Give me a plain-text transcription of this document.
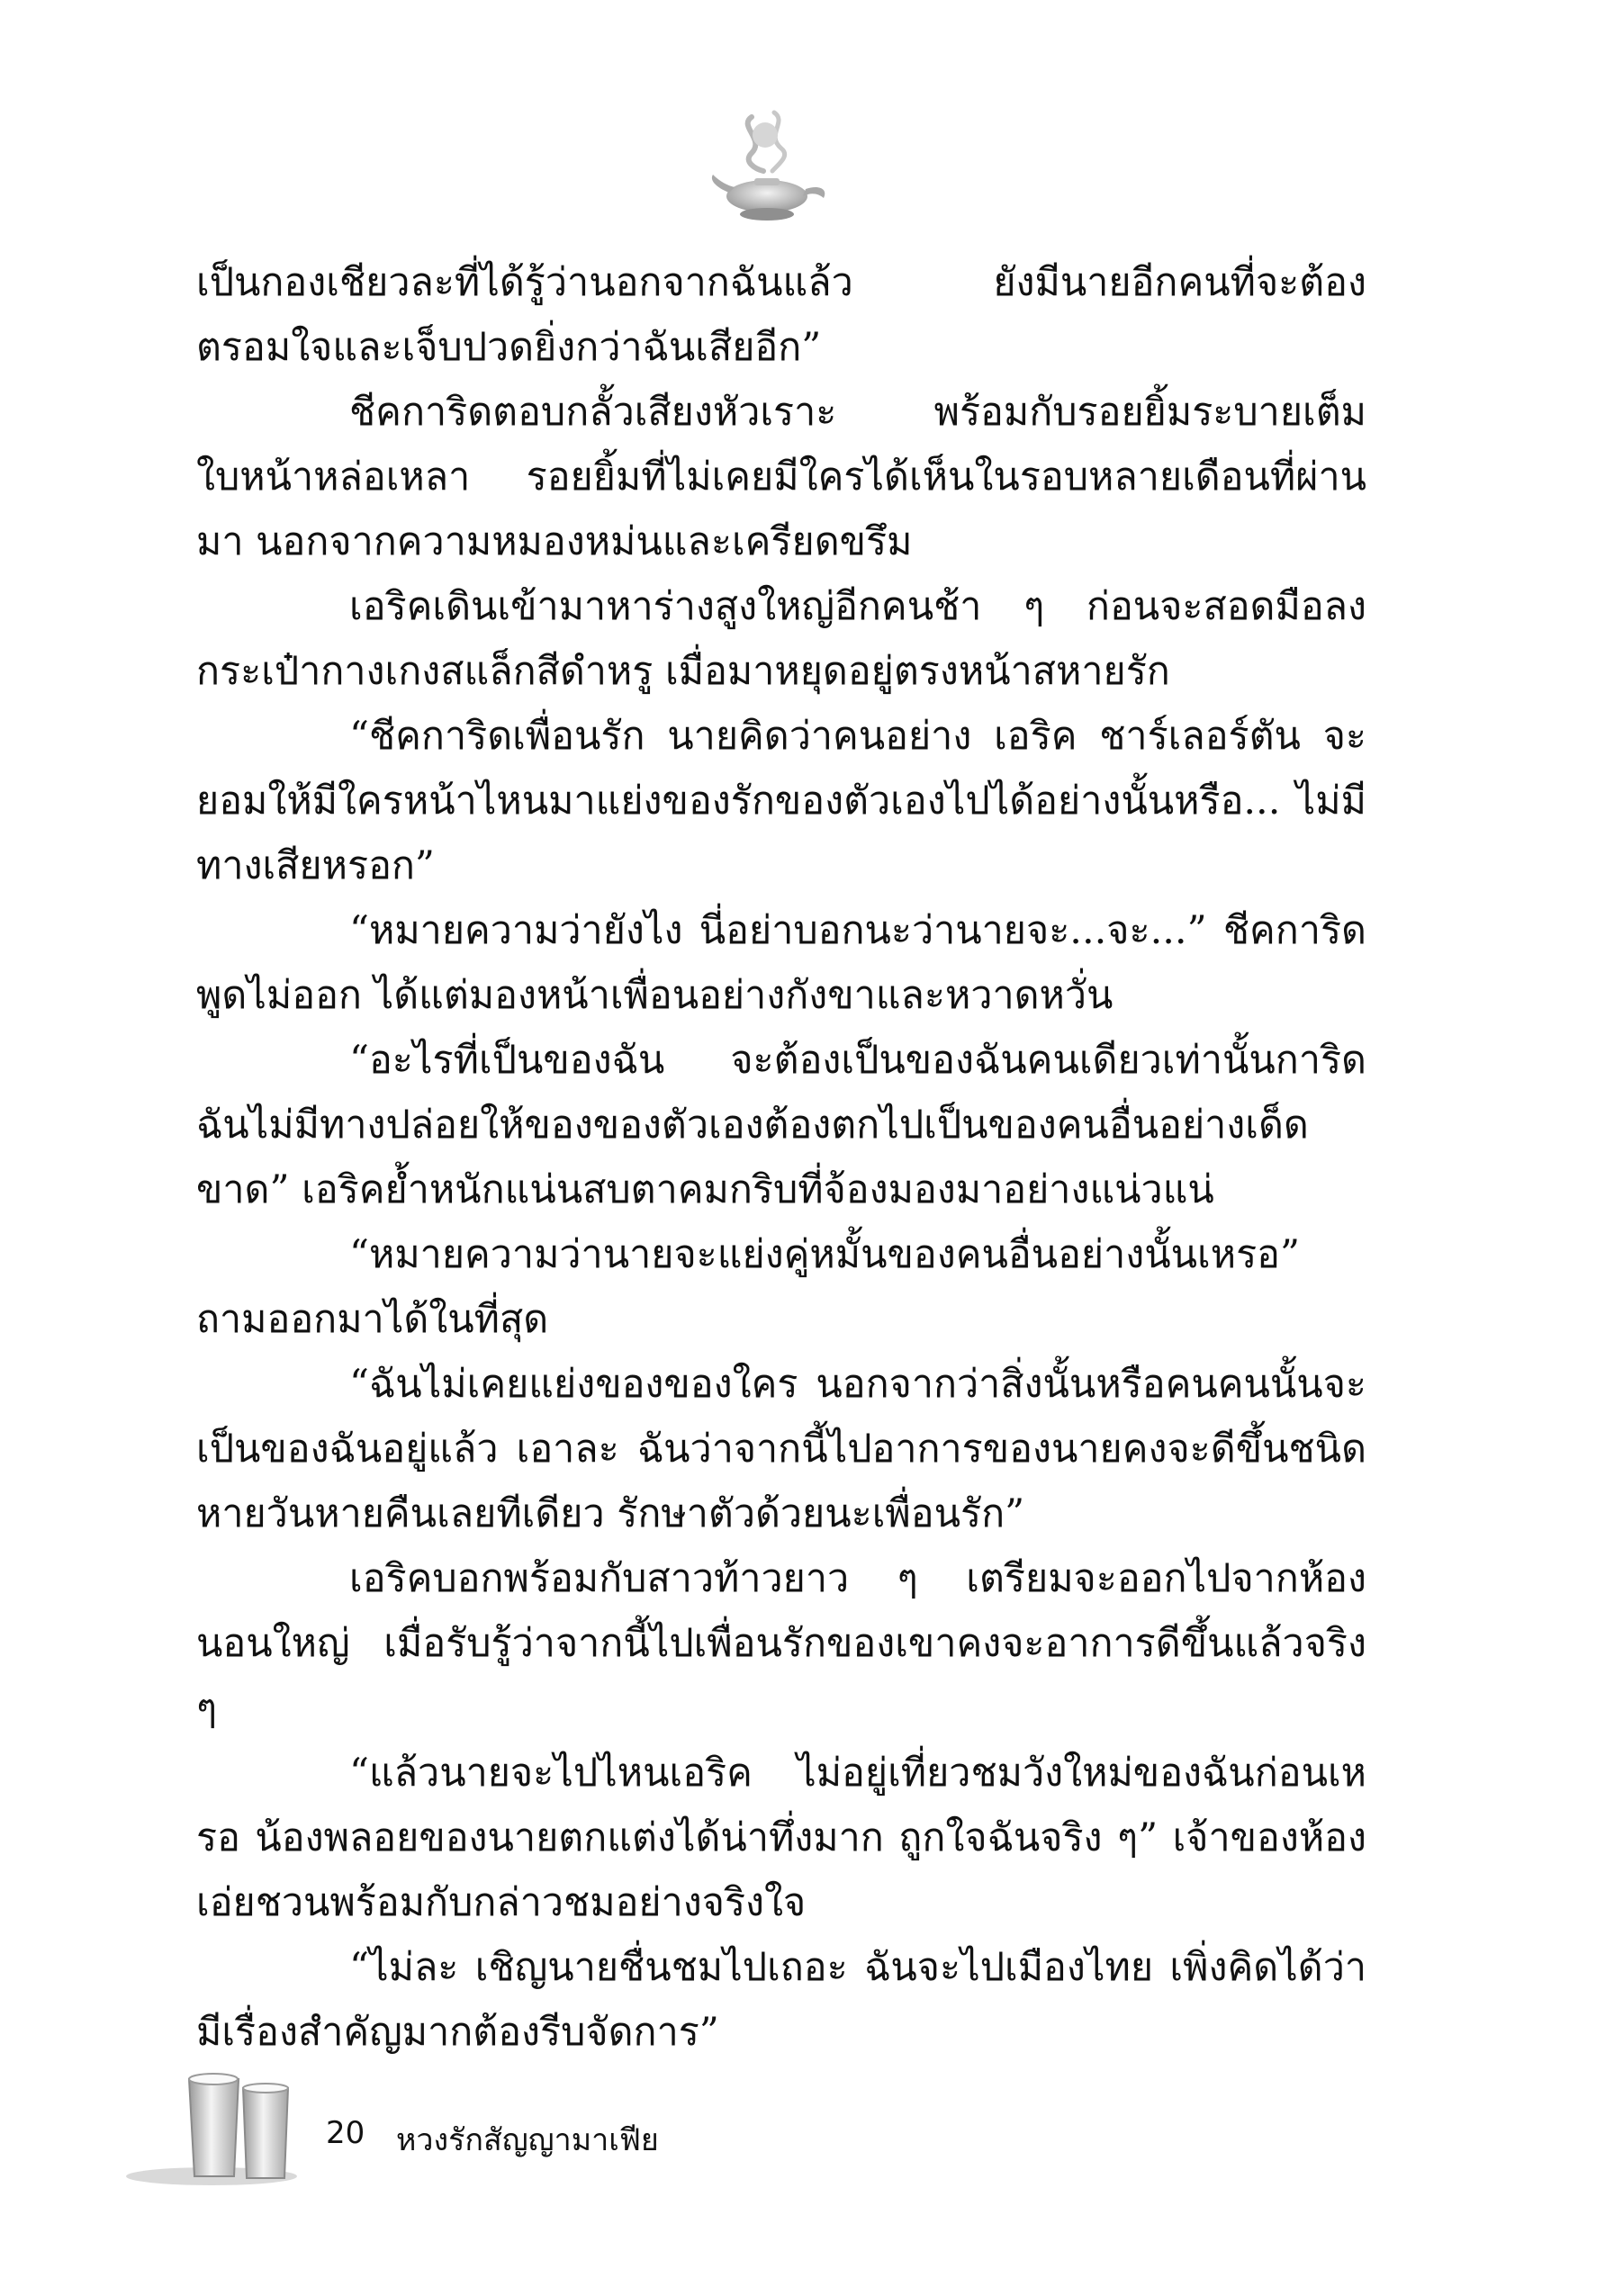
เป็นกองเชียวละที่ได้รู้ว่านอกจากฉันแล้ว ยังมีนายอีกคนที่จะต้องตรอมใจและเจ็บปวดยิ่งกว่าฉันเสียอีก”

ชีคการิดตอบกลั้วเสียงหัวเราะ พร้อมกับรอยยิ้มระบายเต็มใบหน้าหล่อเหลา รอยยิ้มที่ไม่เคยมีใครได้เห็นในรอบหลายเดือนที่ผ่านมา นอกจากความหมองหม่นและเครียดขรึม

เอริคเดินเข้ามาหาร่างสูงใหญ่อีกคนช้า ๆ ก่อนจะสอดมือลงกระเป๋ากางเกงสแล็กสีดำหรู เมื่อมาหยุดอยู่ตรงหน้าสหายรัก

“ชีคการิดเพื่อนรัก นายคิดว่าคนอย่าง เอริค ชาร์เลอร์ตัน จะยอมให้มีใครหน้าไหนมาแย่งของรักของตัวเองไปได้อย่างนั้นหรือ... ไม่มีทางเสียหรอก”

“หมายความว่ายังไง นี่อย่าบอกนะว่านายจะ...จะ...” ชีคการิดพูดไม่ออก ได้แต่มองหน้าเพื่อนอย่างกังขาและหวาดหวั่น

“อะไรที่เป็นของฉัน จะต้องเป็นของฉันคนเดียวเท่านั้นการิด ฉันไม่มีทางปล่อยให้ของของตัวเองต้องตกไปเป็นของคนอื่นอย่างเด็ดขาด” เอริคย้ำหนักแน่นสบตาคมกริบที่จ้องมองมาอย่างแน่วแน่

“หมายความว่านายจะแย่งคู่หมั้นของคนอื่นอย่างนั้นเหรอ” ถามออกมาได้ในที่สุด

“ฉันไม่เคยแย่งของของใคร นอกจากว่าสิ่งนั้นหรือคนคนนั้นจะเป็นของฉันอยู่แล้ว เอาละ ฉันว่าจากนี้ไปอาการของนายคงจะดีขึ้นชนิดหายวันหายคืนเลยทีเดียว รักษาตัวด้วยนะเพื่อนรัก”

เอริคบอกพร้อมกับสาวท้าวยาว ๆ เตรียมจะออกไปจากห้องนอนใหญ่ เมื่อรับรู้ว่าจากนี้ไปเพื่อนรักของเขาคงจะอาการดีขึ้นแล้วจริง ๆ

“แล้วนายจะไปไหนเอริค ไม่อยู่เที่ยวชมวังใหม่ของฉันก่อนเหรอ น้องพลอยของนายตกแต่งได้น่าทึ่งมาก ถูกใจฉันจริง ๆ” เจ้าของห้องเอ่ยชวนพร้อมกับกล่าวชมอย่างจริงใจ

“ไม่ละ เชิญนายชื่นชมไปเถอะ ฉันจะไปเมืองไทย เพิ่งคิดได้ว่ามีเรื่องสำคัญมากต้องรีบจัดการ”

20 หวงรักสัญญามาเฟีย
